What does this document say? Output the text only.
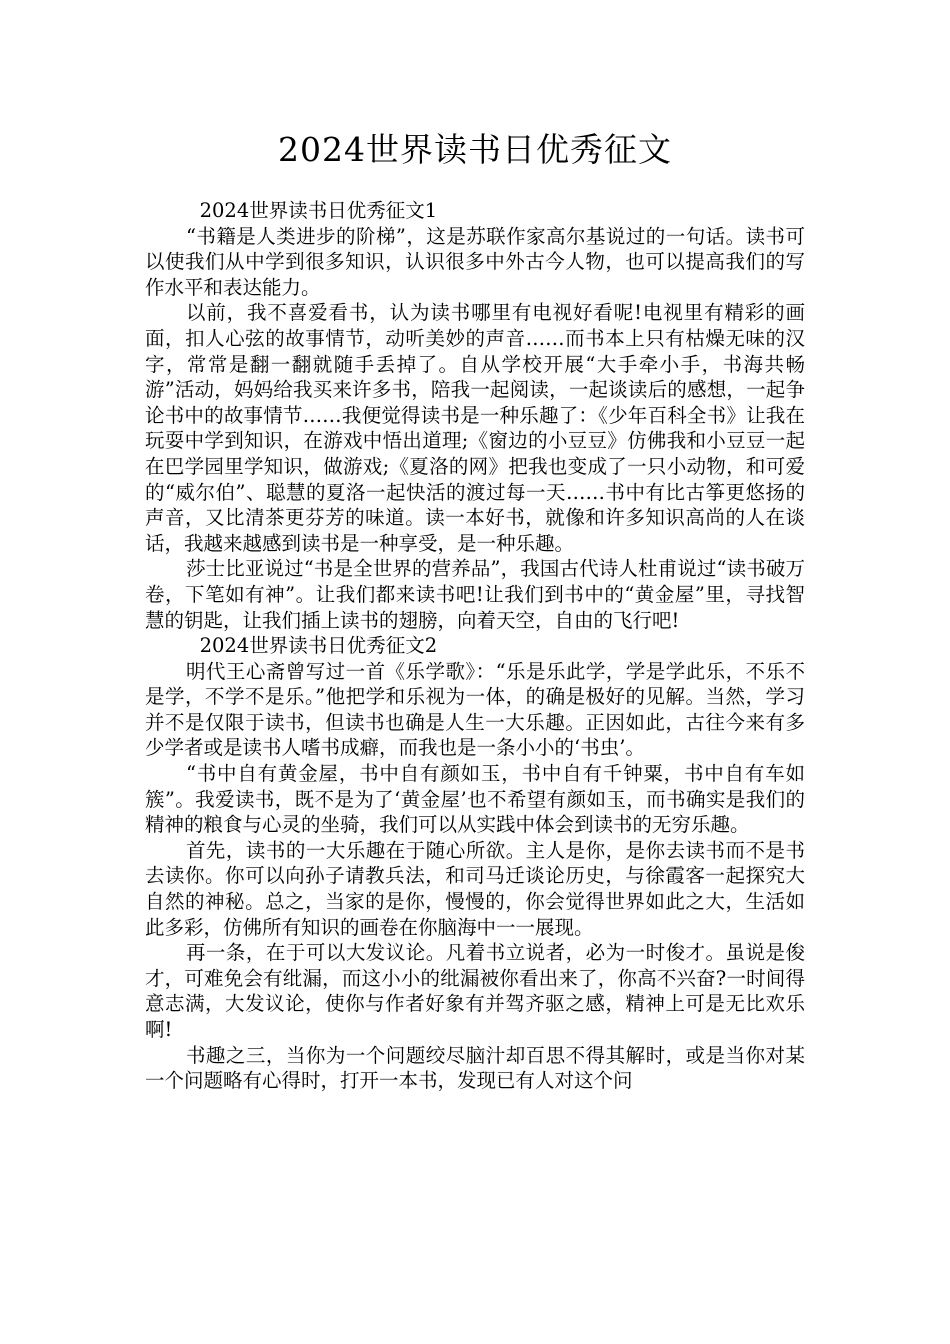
2024世界读书日优秀征文

2024世界读书日优秀征文1

“书籍是人类进步的阶梯”，这是苏联作家高尔基说过的一句话。读书可以使我们从中学到很多知识，认识很多中外古今人物，也可以提高我们的写作水平和表达能力。

以前，我不喜爱看书，认为读书哪里有电视好看呢!电视里有精彩的画面，扣人心弦的故事情节，动听美妙的声音……而书本上只有枯燥无味的汉字，常常是翻一翻就随手丢掉了。自从学校开展“大手牵小手，书海共畅游”活动，妈妈给我买来许多书，陪我一起阅读，一起谈读后的感想，一起争论书中的故事情节……我便觉得读书是一种乐趣了：《少年百科全书》让我在玩耍中学到知识，在游戏中悟出道理;《窗边的小豆豆》仿佛我和小豆豆一起在巴学园里学知识，做游戏;《夏洛的网》把我也变成了一只小动物，和可爱的“威尔伯”、聪慧的夏洛一起快活的渡过每一天……书中有比古筝更悠扬的声音，又比清茶更芬芳的味道。读一本好书，就像和许多知识高尚的人在谈话，我越来越感到读书是一种享受，是一种乐趣。

莎士比亚说过“书是全世界的营养品”，我国古代诗人杜甫说过“读书破万卷，下笔如有神”。让我们都来读书吧!让我们到书中的“黄金屋”里，寻找智慧的钥匙，让我们插上读书的翅膀，向着天空，自由的飞行吧!

2024世界读书日优秀征文2

明代王心斋曾写过一首《乐学歌》：“乐是乐此学，学是学此乐，不乐不是学，不学不是乐。”他把学和乐视为一体，的确是极好的见解。当然，学习并不是仅限于读书，但读书也确是人生一大乐趣。正因如此，古往今来有多少学者或是读书人嗜书成癖，而我也是一条小小的‘书虫’。

“书中自有黄金屋，书中自有颜如玉，书中自有千钟粟，书中自有车如簇”。我爱读书，既不是为了‘黄金屋’也不希望有颜如玉，而书确实是我们的精神的粮食与心灵的坐骑，我们可以从实践中体会到读书的无穷乐趣。

首先，读书的一大乐趣在于随心所欲。主人是你，是你去读书而不是书去读你。你可以向孙子请教兵法，和司马迁谈论历史，与徐霞客一起探究大自然的神秘。总之，当家的是你，慢慢的，你会觉得世界如此之大，生活如此多彩，仿佛所有知识的画卷在你脑海中一一展现。

再一条，在于可以大发议论。凡着书立说者，必为一时俊才。虽说是俊才，可难免会有纰漏，而这小小的纰漏被你看出来了，你高不兴奋?一时间得意志满，大发议论，使你与作者好象有并驾齐驱之感，精神上可是无比欢乐啊!

书趣之三，当你为一个问题绞尽脑汁却百思不得其解时，或是当你对某一个问题略有心得时，打开一本书，发现已有人对这个问
